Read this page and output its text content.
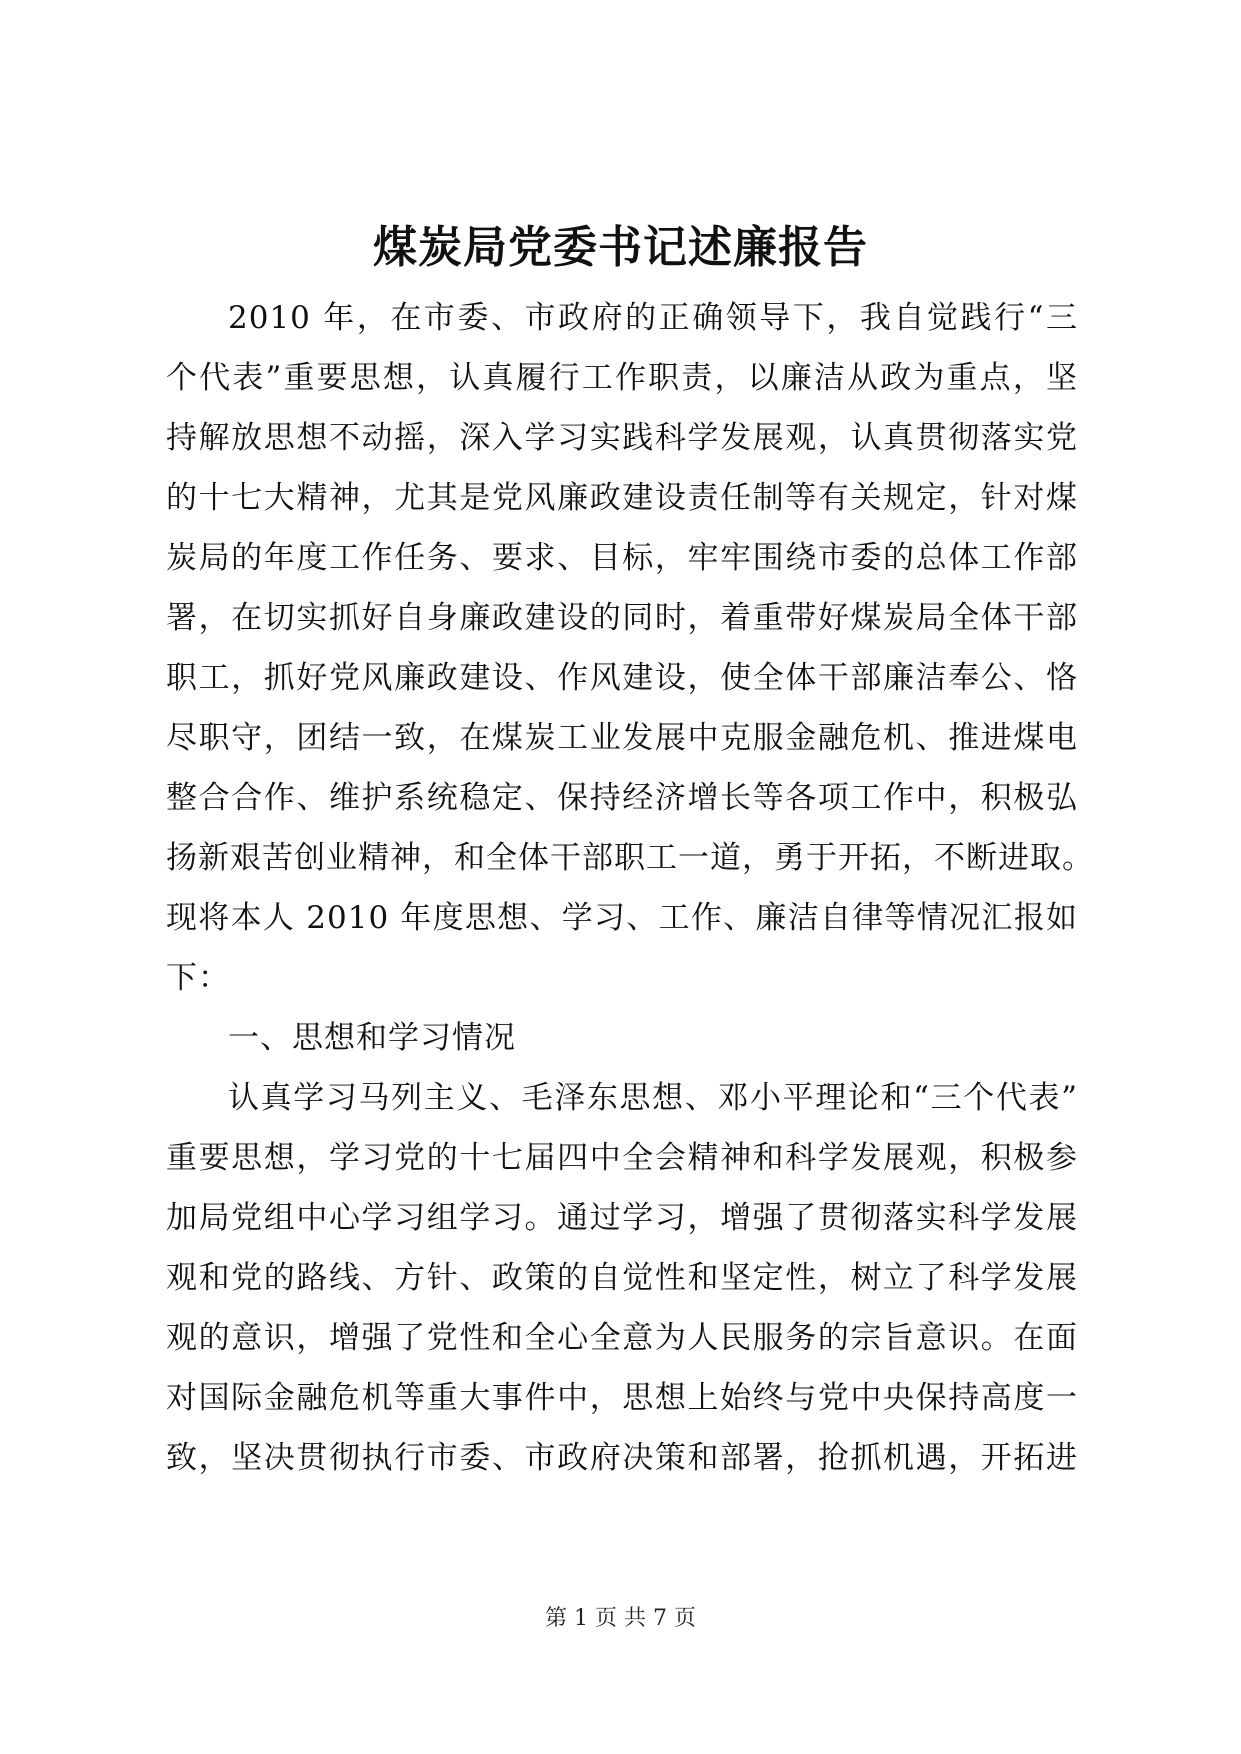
煤炭局党委书记述廉报告
2010 年，在市委、市政府的正确领导下，我自觉践行“三
个代表”重要思想，认真履行工作职责，以廉洁从政为重点，坚
持解放思想不动摇，深入学习实践科学发展观，认真贯彻落实党
的十七大精神，尤其是党风廉政建设责任制等有关规定，针对煤
炭局的年度工作任务、要求、目标，牢牢围绕市委的总体工作部
署，在切实抓好自身廉政建设的同时，着重带好煤炭局全体干部
职工，抓好党风廉政建设、作风建设，使全体干部廉洁奉公、恪
尽职守，团结一致，在煤炭工业发展中克服金融危机、推进煤电
整合合作、维护系统稳定、保持经济增长等各项工作中，积极弘
扬新艰苦创业精神，和全体干部职工一道，勇于开拓，不断进取。
现将本人 2010 年度思想、学习、工作、廉洁自律等情况汇报如
下：
一、思想和学习情况
认真学习马列主义、毛泽东思想、邓小平理论和“三个代表”
重要思想，学习党的十七届四中全会精神和科学发展观，积极参
加局党组中心学习组学习。通过学习，增强了贯彻落实科学发展
观和党的路线、方针、政策的自觉性和坚定性，树立了科学发展
观的意识，增强了党性和全心全意为人民服务的宗旨意识。在面
对国际金融危机等重大事件中，思想上始终与党中央保持高度一
致，坚决贯彻执行市委、市政府决策和部署，抢抓机遇，开拓进
第 1 页 共 7 页
